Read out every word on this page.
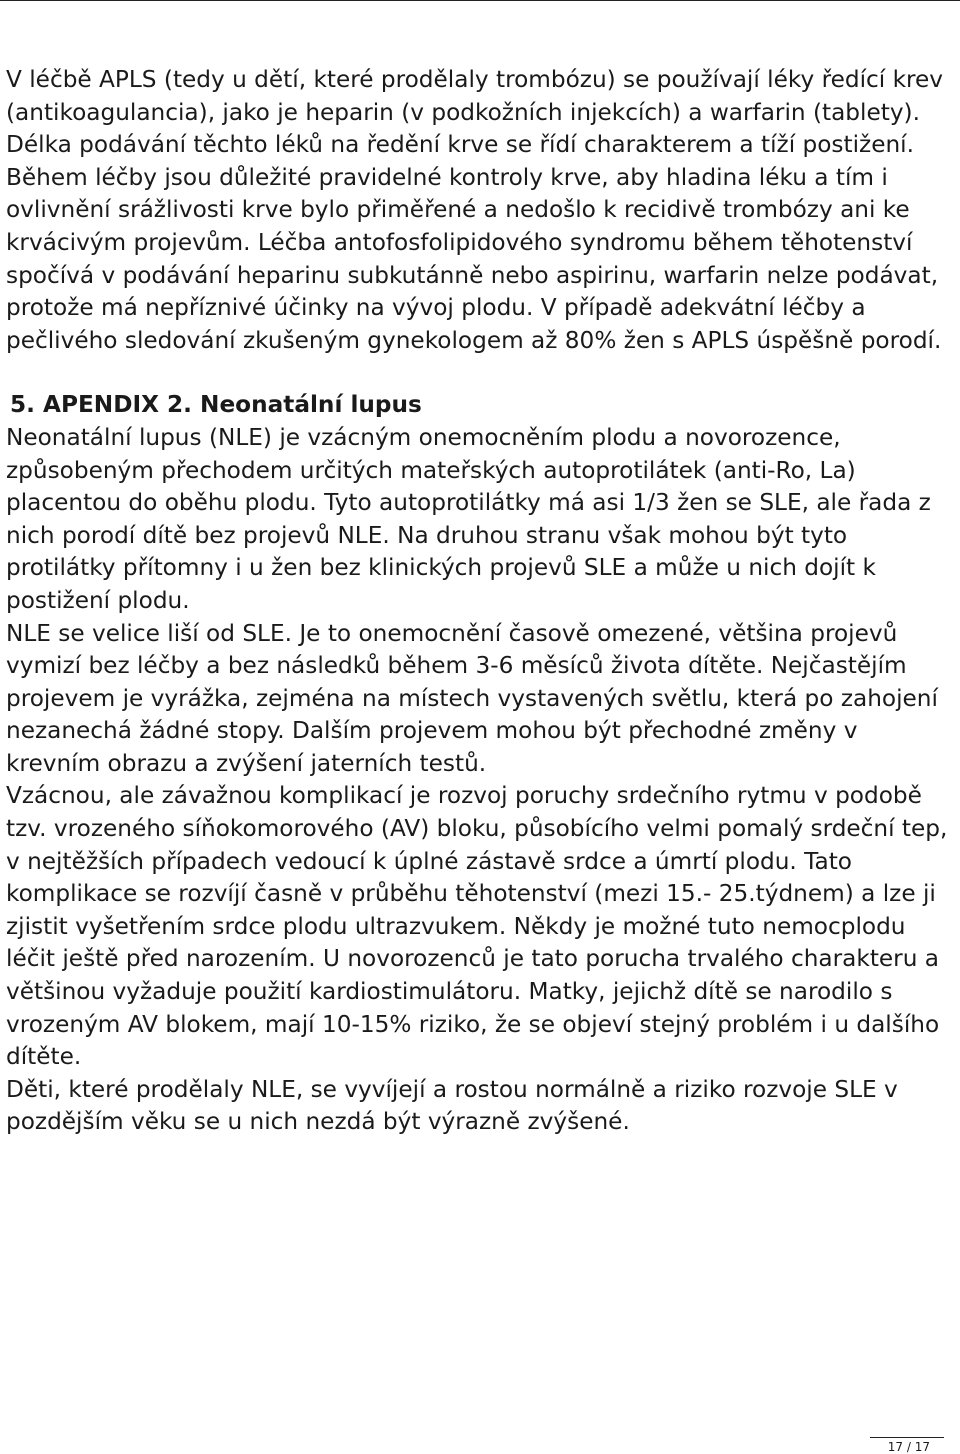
V léčbě APLS (tedy u dětí, které prodělaly trombózu) se používají léky ředící krev (antikoagulancia), jako je heparin (v podkožních injekcích) a warfarin (tablety). Délka podávání těchto léků na ředění krve se řídí charakterem a tíží postižení. Během léčby jsou důležité pravidelné kontroly krve, aby hladina léku a tím i ovlivnění srážlivosti krve bylo přiměřené a nedošlo k recidivě trombózy ani ke krvácivým projevům. Léčba antofosfolipidového syndromu během těhotenství spočívá v podávání heparinu subkutánně nebo aspirinu, warfarin nelze podávat, protože má nepříznivé účinky na vývoj plodu. V případě adekvátní léčby a pečlivého sledování zkušeným gynekologem až 80% žen s APLS úspěšně porodí.

5. APENDIX 2. Neonatální lupus

Neonatální lupus (NLE) je vzácným onemocněním plodu a novorozence, způsobeným přechodem určitých mateřských autoprotilátek (anti-Ro, La) placentou do oběhu plodu. Tyto autoprotilátky má asi 1/3 žen se SLE, ale řada z nich porodí dítě bez projevů NLE. Na druhou stranu však mohou být tyto protilátky přítomny i u žen bez klinických projevů SLE a může u nich dojít k postižení plodu.

NLE se velice liší od SLE. Je to onemocnění časově omezené, většina projevů vymizí bez léčby a bez následků během 3-6 měsíců života dítěte. Nejčastějím projevem je vyrážka, zejména na místech vystavených světlu, která po zahojení nezanechá žádné stopy. Dalším projevem mohou být přechodné změny v krevním obrazu a zvýšení jaterních testů.

Vzácnou, ale závažnou komplikací je rozvoj poruchy srdečního rytmu v podobě tzv. vrozeného síňokomorového (AV) bloku, působícího velmi pomalý srdeční tep, v nejtěžších případech vedoucí k úplné zástavě srdce a úmrtí plodu. Tato komplikace se rozvíjí časně v průběhu těhotenství (mezi 15.- 25.týdnem) a lze ji zjistit vyšetřením srdce plodu ultrazvukem. Někdy je možné tuto nemocplodu léčit ještě před narozením. U novorozenců je tato porucha trvalého charakteru a většinou vyžaduje použití kardiostimulátoru. Matky, jejichž dítě se narodilo s vrozeným AV blokem, mají 10-15% riziko, že se objeví stejný problém i u dalšího dítěte.

Děti, které prodělaly NLE, se vyvíjejí a rostou normálně a riziko rozvoje SLE v pozdějším věku se u nich nezdá být výrazně zvýšené.

17 / 17
